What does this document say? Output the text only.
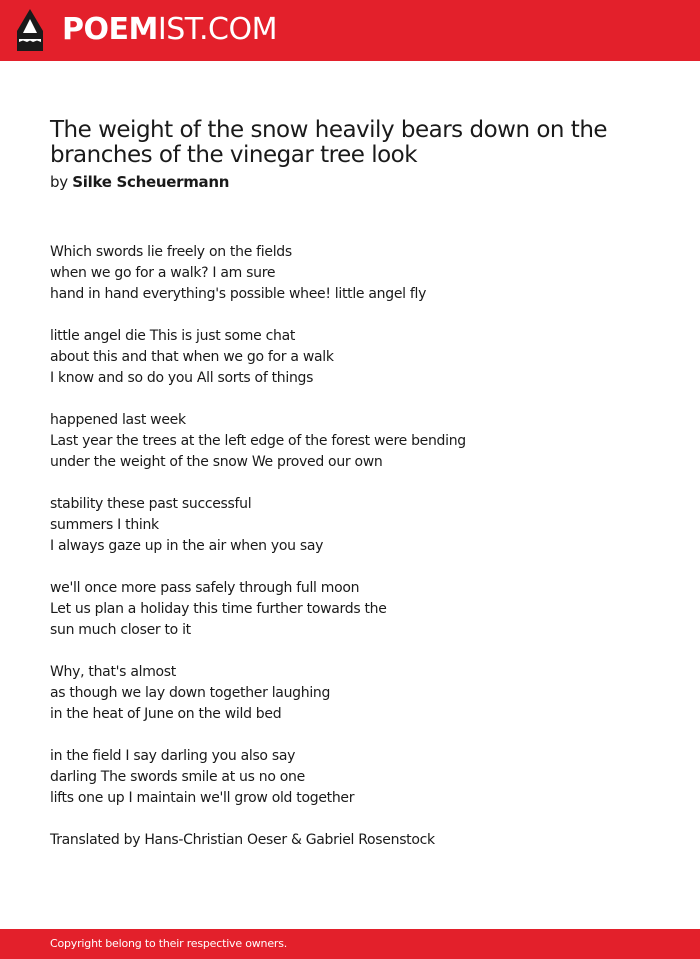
POEMIST.COM
The weight of the snow heavily bears down on the branches of the vinegar tree look
by Silke Scheuermann
Which swords lie freely on the fields
when we go for a walk? I am sure
hand in hand everything's possible whee! little angel fly
little angel die This is just some chat
about this and that when we go for a walk
I know and so do you All sorts of things
happened last week
Last year the trees at the left edge of the forest were bending
under the weight of the snow We proved our own
stability these past successful
summers I think
I always gaze up in the air when you say
we'll once more pass safely through full moon
Let us plan a holiday this time further towards the
sun much closer to it
Why, that's almost
as though we lay down together laughing
in the heat of June on the wild bed
in the field I say darling you also say
darling The swords smile at us no one
lifts one up I maintain we'll grow old together
Translated by Hans-Christian Oeser & Gabriel Rosenstock
Copyright belong to their respective owners.
